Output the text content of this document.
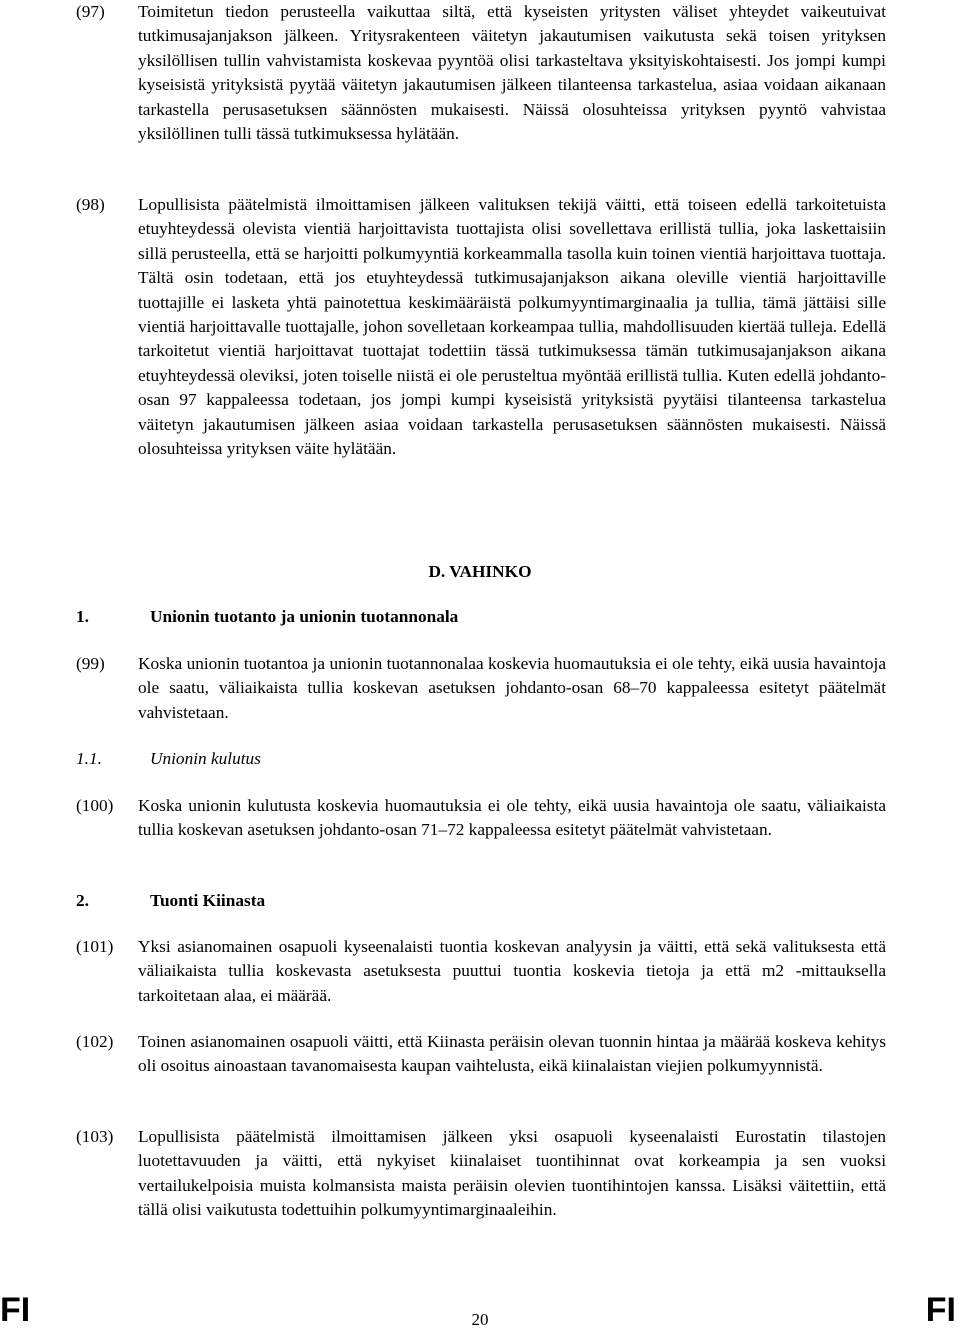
(97) Toimitetun tiedon perusteella vaikuttaa siltä, että kyseisten yritysten väliset yhteydet vaikeutuivat tutkimusajanjakson jälkeen. Yritysrakenteen väitetyn jakautumisen vaikutusta sekä toisen yrityksen yksilöllisen tullin vahvistamista koskevaa pyyntöä olisi tarkasteltava yksityiskohtaisesti. Jos jompi kumpi kyseisistä yrityksistä pyytää väitetyn jakautumisen jälkeen tilanteensa tarkastelua, asiaa voidaan aikanaan tarkastella perusasetuksen säännösten mukaisesti. Näissä olosuhteissa yrityksen pyyntö vahvistaa yksilöllinen tulli tässä tutkimuksessa hylätään.
(98) Lopullisista päätelmistä ilmoittamisen jälkeen valituksen tekijä väitti, että toiseen edellä tarkoitetuista etuyhteydessä olevista vientiä harjoittavista tuottajista olisi sovellettava erillistä tullia, joka laskettaisiin sillä perusteella, että se harjoitti polkumyyntiä korkeammalla tasolla kuin toinen vientiä harjoittava tuottaja. Tältä osin todetaan, että jos etuyhteydessä tutkimusajanjakson aikana oleville vientiä harjoittaville tuottajille ei lasketa yhtä painotettua keskimääräistä polkumyyntimarginaalia ja tullia, tämä jättäisi sille vientiä harjoittavalle tuottajalle, johon sovelletaan korkeampaa tullia, mahdollisuuden kiertää tulleja. Edellä tarkoitetut vientiä harjoittavat tuottajat todettiin tässä tutkimuksessa tämän tutkimusajanjakson aikana etuyhteydessä oleviksi, joten toiselle niistä ei ole perusteltua myöntää erillistä tullia. Kuten edellä johdanto-osan 97 kappaleessa todetaan, jos jompi kumpi kyseisistä yrityksistä pyytäisi tilanteensa tarkastelua väitetyn jakautumisen jälkeen asiaa voidaan tarkastella perusasetuksen säännösten mukaisesti. Näissä olosuhteissa yrityksen väite hylätään.
D. VAHINKO
1.	Unionin tuotanto ja unionin tuotannonala
(99) Koska unionin tuotantoa ja unionin tuotannonalaa koskevia huomautuksia ei ole tehty, eikä uusia havaintoja ole saatu, väliaikaista tullia koskevan asetuksen johdanto-osan 68–70 kappaleessa esitetyt päätelmät vahvistetaan.
1.1.	Unionin kulutus
(100) Koska unionin kulutusta koskevia huomautuksia ei ole tehty, eikä uusia havaintoja ole saatu, väliaikaista tullia koskevan asetuksen johdanto-osan 71–72 kappaleessa esitetyt päätelmät vahvistetaan.
2.	Tuonti Kiinasta
(101) Yksi asianomainen osapuoli kyseenalaisti tuontia koskevan analyysin ja väitti, että sekä valituksesta että väliaikaista tullia koskevasta asetuksesta puuttui tuontia koskevia tietoja ja että m2 -mittauksella tarkoitetaan alaa, ei määrää.
(102) Toinen asianomainen osapuoli väitti, että Kiinasta peräisin olevan tuonnin hintaa ja määrää koskeva kehitys oli osoitus ainoastaan tavanomaisesta kaupan vaihtelusta, eikä kiinalaistan viejien polkumyynnistä.
(103) Lopullisista päätelmistä ilmoittamisen jälkeen yksi osapuoli kyseenalaisti Eurostatin tilastojen luotettavuuden ja väitti, että nykyiset kiinalaiset tuontihinnat ovat korkeampia ja sen vuoksi vertailukelpoisia muista kolmansista maista peräisin olevien tuontihintojen kanssa. Lisäksi väitettiin, että tällä olisi vaikutusta todettuihin polkumyyntimarginaaleihin.
FI	20	FI
